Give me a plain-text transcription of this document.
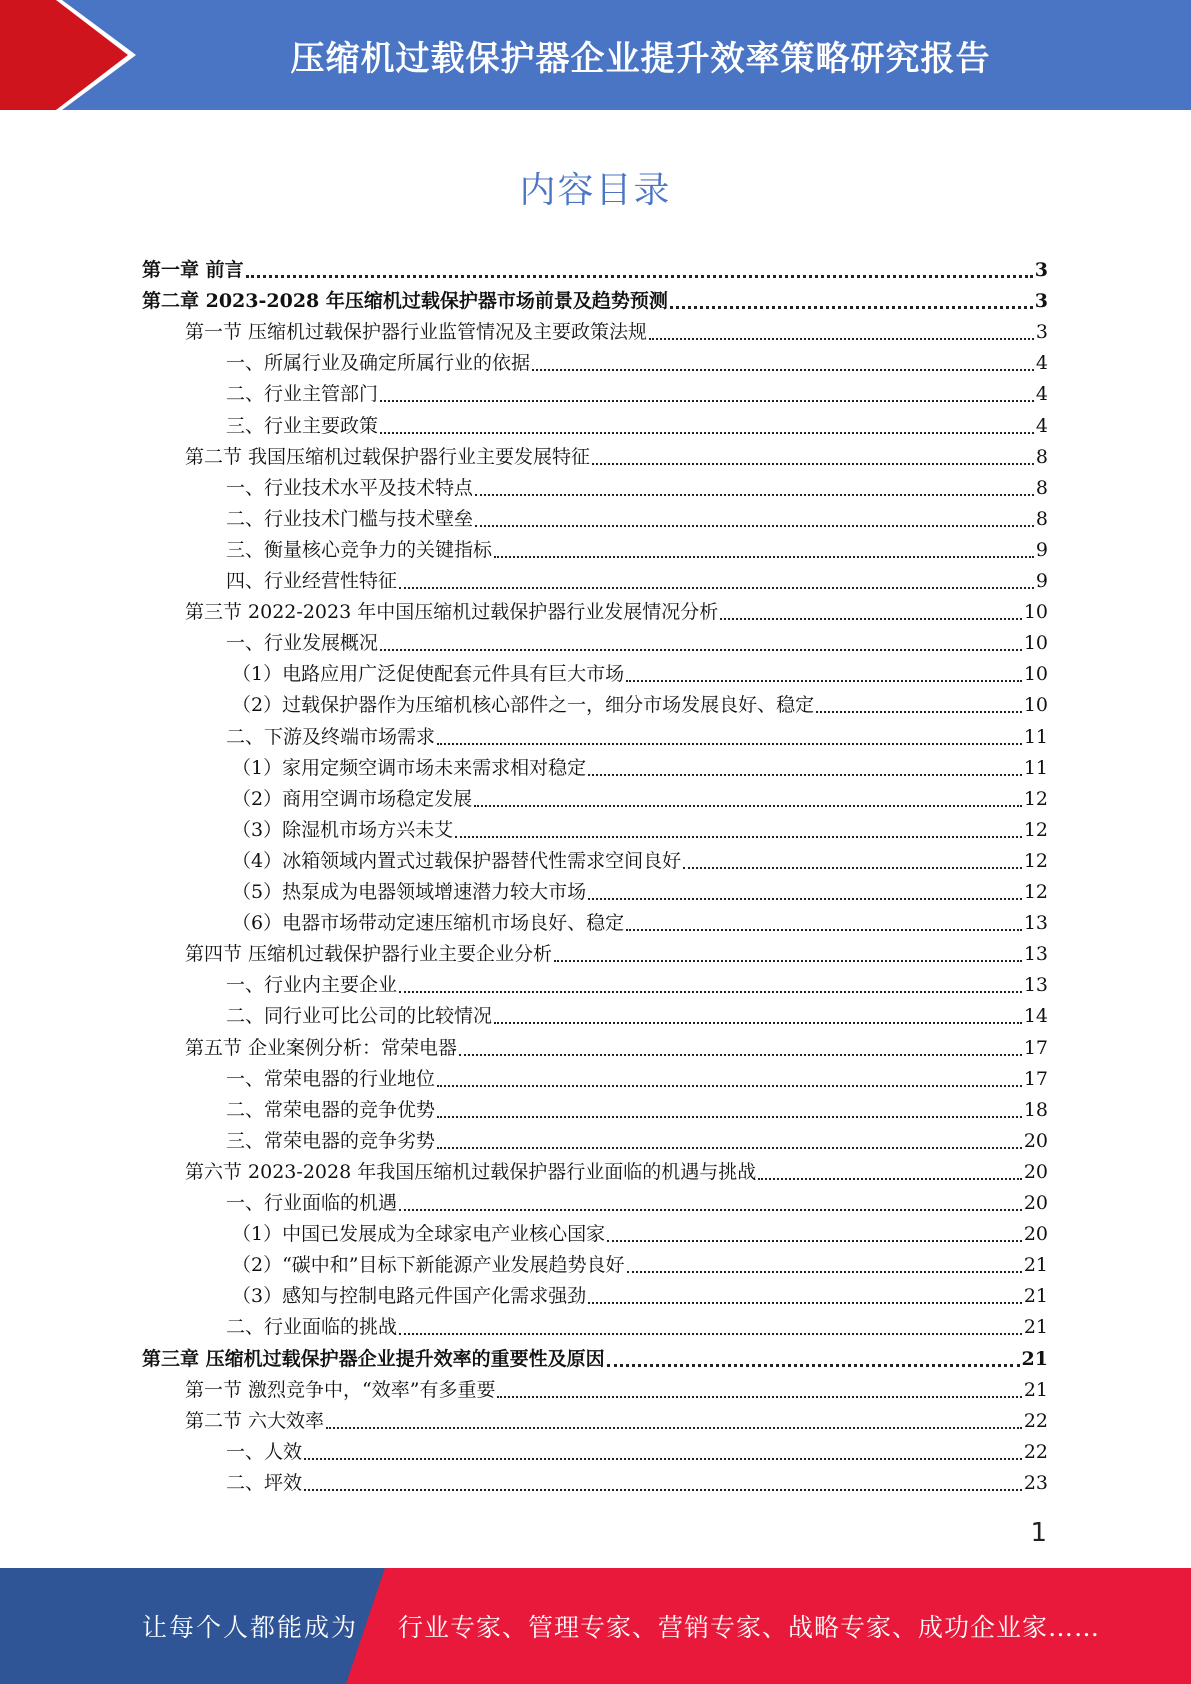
压缩机过载保护器企业提升效率策略研究报告
内容目录
第一章 前言	3
第二章 2023-2028 年压缩机过载保护器市场前景及趋势预测	3
第一节 压缩机过载保护器行业监管情况及主要政策法规	3
一、所属行业及确定所属行业的依据	4
二、行业主管部门	4
三、行业主要政策	4
第二节 我国压缩机过载保护器行业主要发展特征	8
一、行业技术水平及技术特点	8
二、行业技术门槛与技术壁垒	8
三、衡量核心竞争力的关键指标	9
四、行业经营性特征	9
第三节 2022-2023 年中国压缩机过载保护器行业发展情况分析	10
一、行业发展概况	10
（1）电路应用广泛促使配套元件具有巨大市场	10
（2）过载保护器作为压缩机核心部件之一，细分市场发展良好、稳定	10
二、下游及终端市场需求	11
（1）家用定频空调市场未来需求相对稳定	11
（2）商用空调市场稳定发展	12
（3）除湿机市场方兴未艾	12
（4）冰箱领域内置式过载保护器替代性需求空间良好	12
（5）热泵成为电器领域增速潜力较大市场	12
（6）电器市场带动定速压缩机市场良好、稳定	13
第四节 压缩机过载保护器行业主要企业分析	13
一、行业内主要企业	13
二、同行业可比公司的比较情况	14
第五节 企业案例分析：常荣电器	17
一、常荣电器的行业地位	17
二、常荣电器的竞争优势	18
三、常荣电器的竞争劣势	20
第六节 2023-2028 年我国压缩机过载保护器行业面临的机遇与挑战	20
一、行业面临的机遇	20
（1）中国已发展成为全球家电产业核心国家	20
（2）“碳中和”目标下新能源产业发展趋势良好	21
（3）感知与控制电路元件国产化需求强劲	21
二、行业面临的挑战	21
第三章 压缩机过载保护器企业提升效率的重要性及原因	21
第一节 激烈竞争中，“效率”有多重要	21
第二节 六大效率	22
一、人效	22
二、坪效	23
1
让每个人都能成为 行业专家、管理专家、营销专家、战略专家、成功企业家……
